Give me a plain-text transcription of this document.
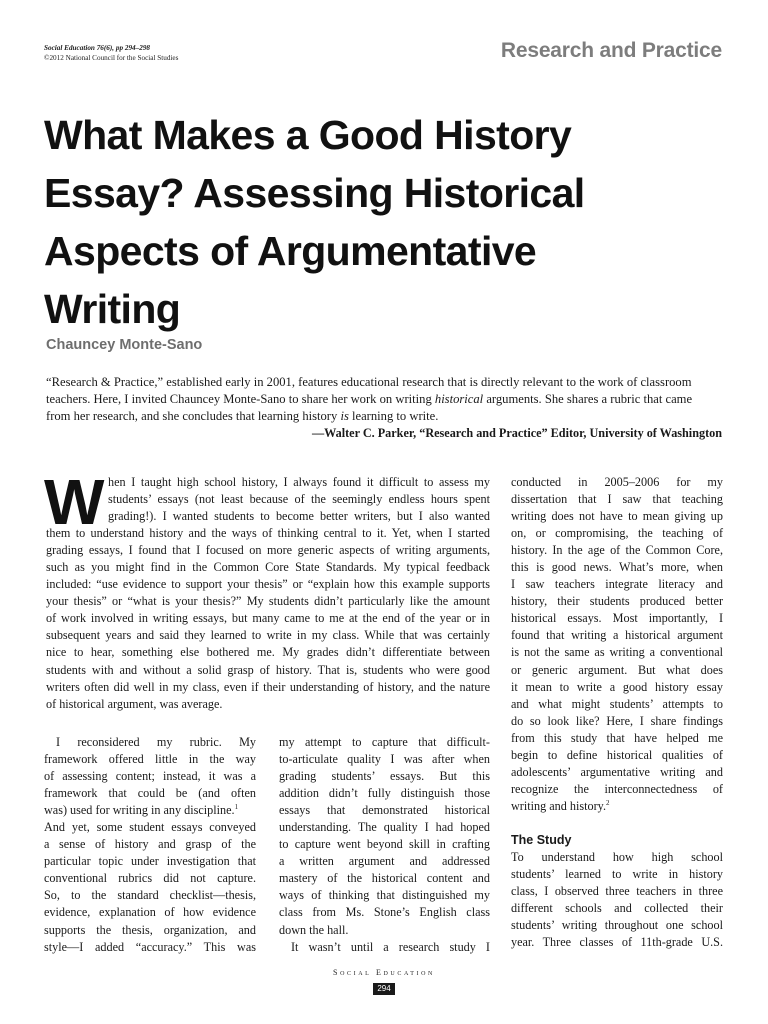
Social Education 76(6), pp 294–298
©2012 National Council for the Social Studies	Research and Practice
What Makes a Good History
Essay? Assessing Historical
Aspects of Argumentative
Writing
Chauncey Monte-Sano
“Research & Practice,” established early in 2001, features educational research that is directly relevant to the work of classroom
teachers. Here, I invited Chauncey Monte-Sano to share her work on writing historical arguments. She shares a rubric that came
from her research, and she concludes that learning history is learning to write.
—Walter C. Parker, “Research and Practice” Editor, University of Washington
W hen I taught high school history, I always found it difficult to assess my
students’ essays (not least because of the seemingly endless hours spent
grading!). I wanted students to become better writers, but I also wanted
them to understand history and the ways of thinking central to it. Yet, when I started
grading essays, I found that I focused on more generic aspects of writing arguments,
such as you might find in the Common Core State Standards. My typical feedback
included: “use evidence to support your thesis” or “explain how this example supports
your thesis” or “what is your thesis?” My students didn’t particularly like the amount
of work involved in writing essays, but many came to me at the end of the year or in
subsequent years and said they learned to write in my class. While that was certainly
nice to hear, something else bothered me. My grades didn’t differentiate between
students with and without a solid grasp of history. That is, students who were good
writers often did well in my class, even if their understanding of history, and the nature
of historical argument, was average.
I reconsidered my rubric. My
framework offered little in the way
of assessing content; instead, it was a
framework that could be (and often
was) used for writing in any discipline.$^1$
And yet, some student essays conveyed
a sense of history and grasp of the
particular topic under investigation that
conventional rubrics did not capture.
So, to the standard checklist—thesis,
evidence, explanation of how evidence
supports the thesis, organization, and
style—I added “accuracy.” This was
my attempt to capture that difficult-
to-articulate quality I was after when
grading students’ essays. But this
addition didn’t fully distinguish those
essays that demonstrated historical
understanding. The quality I had hoped
to capture went beyond skill in crafting
a written argument and addressed
mastery of the historical content and
ways of thinking that distinguished my
class from Ms. Stone’s English class
down the hall.
It wasn’t until a research study I
conducted in 2005–2006 for my
dissertation that I saw that teaching
writing does not have to mean giving up
on, or compromising, the teaching of
history. In the age of the Common Core,
this is good news. What’s more, when
I saw teachers integrate literacy and
history, their students produced better
historical essays. Most importantly, I
found that writing a historical argument
is not the same as writing a conventional
or generic argument. But what does
it mean to write a good history essay
and what might students’ attempts to
do so look like? Here, I share findings
from this study that have helped me
begin to define historical qualities of
adolescents’ argumentative writing and
recognize the interconnectedness of
writing and history.$^2$
The Study
To understand how high school
students’ learned to write in history
class, I observed three teachers in three
different schools and collected their
students’ writing throughout one school
year. Three classes of 11th-grade U.S.
Social Education
294
